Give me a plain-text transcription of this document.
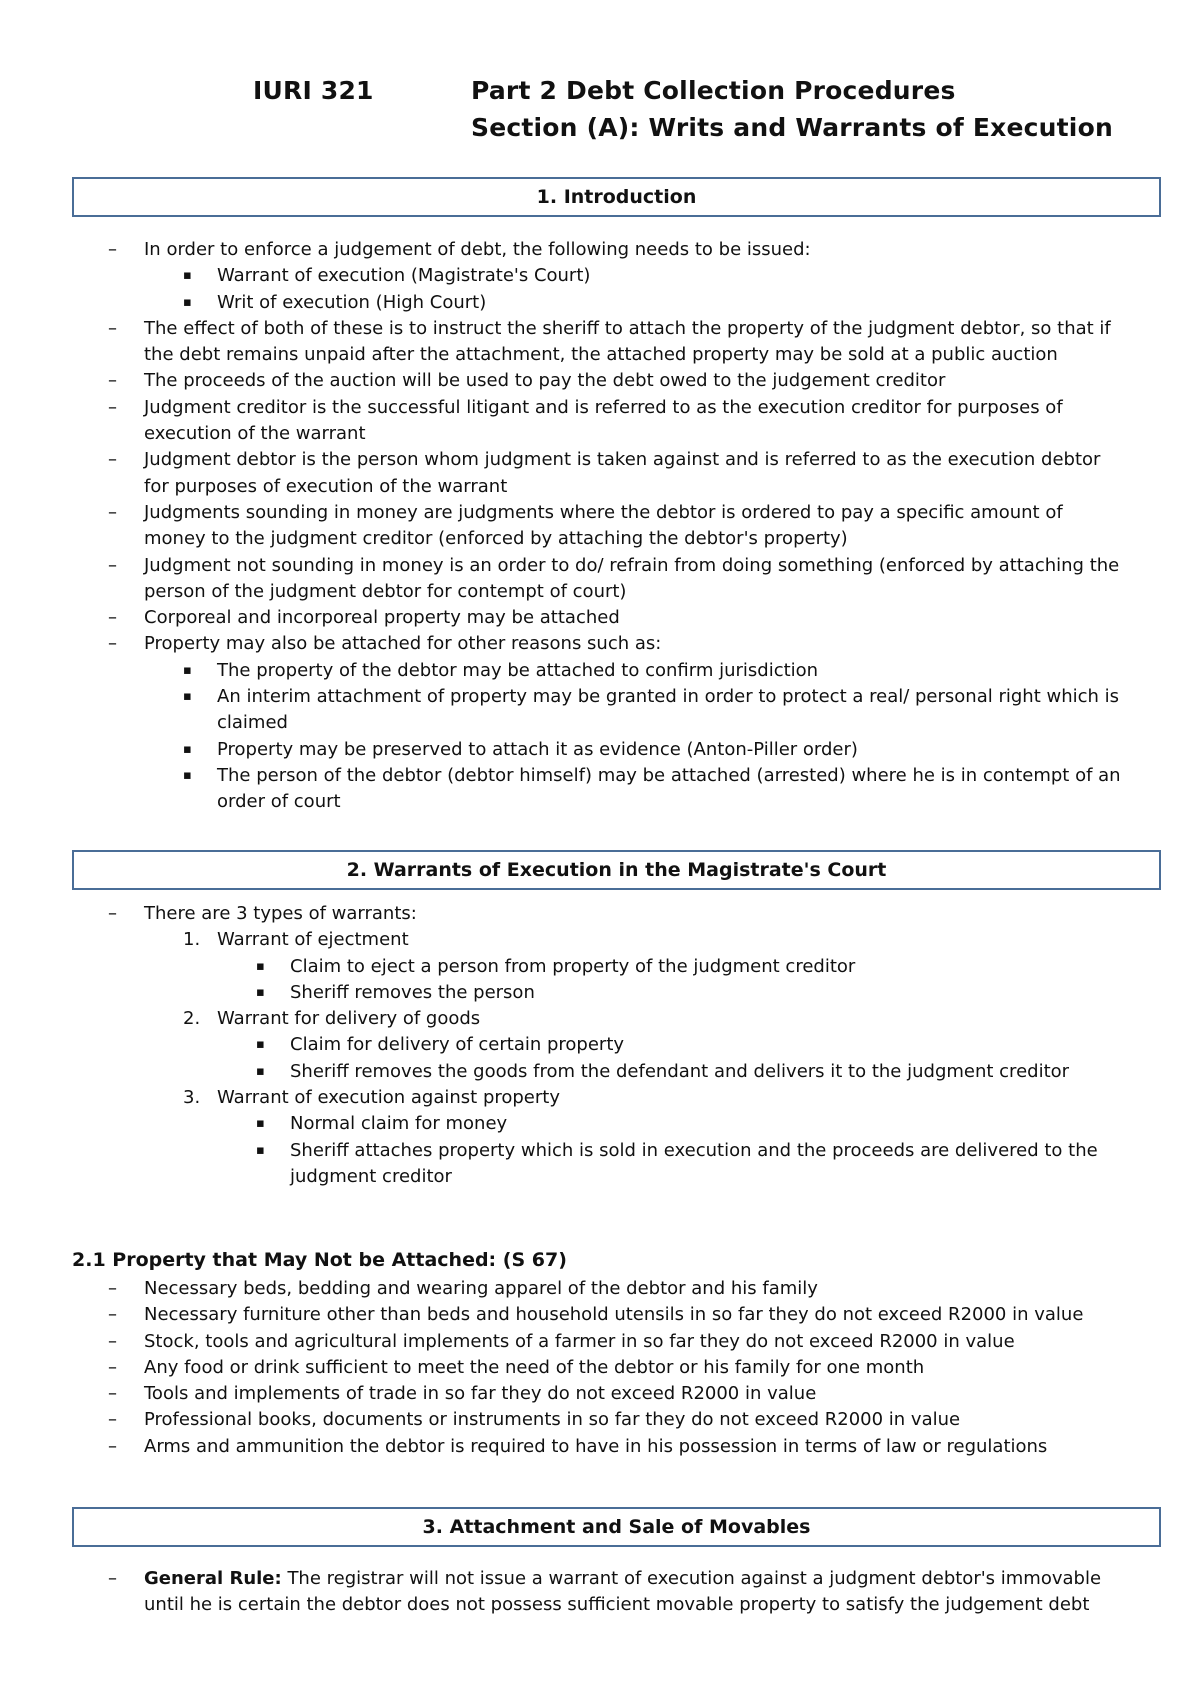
IURI 321	Part 2 Debt Collection Procedures
Section (A): Writs and Warrants of Execution
1. Introduction
– In order to enforce a judgement of debt, the following needs to be issued:
▪ Warrant of execution (Magistrate's Court)
▪ Writ of execution (High Court)
– The effect of both of these is to instruct the sheriff to attach the property of the judgment debtor, so that if the debt remains unpaid after the attachment, the attached property may be sold at a public auction
– The proceeds of the auction will be used to pay the debt owed to the judgement creditor
– Judgment creditor is the successful litigant and is referred to as the execution creditor for purposes of execution of the warrant
– Judgment debtor is the person whom judgment is taken against and is referred to as the execution debtor for purposes of execution of the warrant
– Judgments sounding in money are judgments where the debtor is ordered to pay a specific amount of money to the judgment creditor (enforced by attaching the debtor's property)
– Judgment not sounding in money is an order to do/ refrain from doing something (enforced by attaching the person of the judgment debtor for contempt of court)
– Corporeal and incorporeal property may be attached
– Property may also be attached for other reasons such as:
▪ The property of the debtor may be attached to confirm jurisdiction
▪ An interim attachment of property may be granted in order to protect a real/ personal right which is claimed
▪ Property may be preserved to attach it as evidence (Anton-Piller order)
▪ The person of the debtor (debtor himself) may be attached (arrested) where he is in contempt of an order of court
2. Warrants of Execution in the Magistrate's Court
– There are 3 types of warrants:
1. Warrant of ejectment
▪ Claim to eject a person from property of the judgment creditor
▪ Sheriff removes the person
2. Warrant for delivery of goods
▪ Claim for delivery of certain property
▪ Sheriff removes the goods from the defendant and delivers it to the judgment creditor
3. Warrant of execution against property
▪ Normal claim for money
▪ Sheriff attaches property which is sold in execution and the proceeds are delivered to the judgment creditor
2.1 Property that May Not be Attached: (S 67)
– Necessary beds, bedding and wearing apparel of the debtor and his family
– Necessary furniture other than beds and household utensils in so far they do not exceed R2000 in value
– Stock, tools and agricultural implements of a farmer in so far they do not exceed R2000 in value
– Any food or drink sufficient to meet the need of the debtor or his family for one month
– Tools and implements of trade in so far they do not exceed R2000 in value
– Professional books, documents or instruments in so far they do not exceed R2000 in value
– Arms and ammunition the debtor is required to have in his possession in terms of law or regulations
3. Attachment and Sale of Movables
– General Rule: The registrar will not issue a warrant of execution against a judgment debtor's immovable until he is certain the debtor does not possess sufficient movable property to satisfy the judgement debt
